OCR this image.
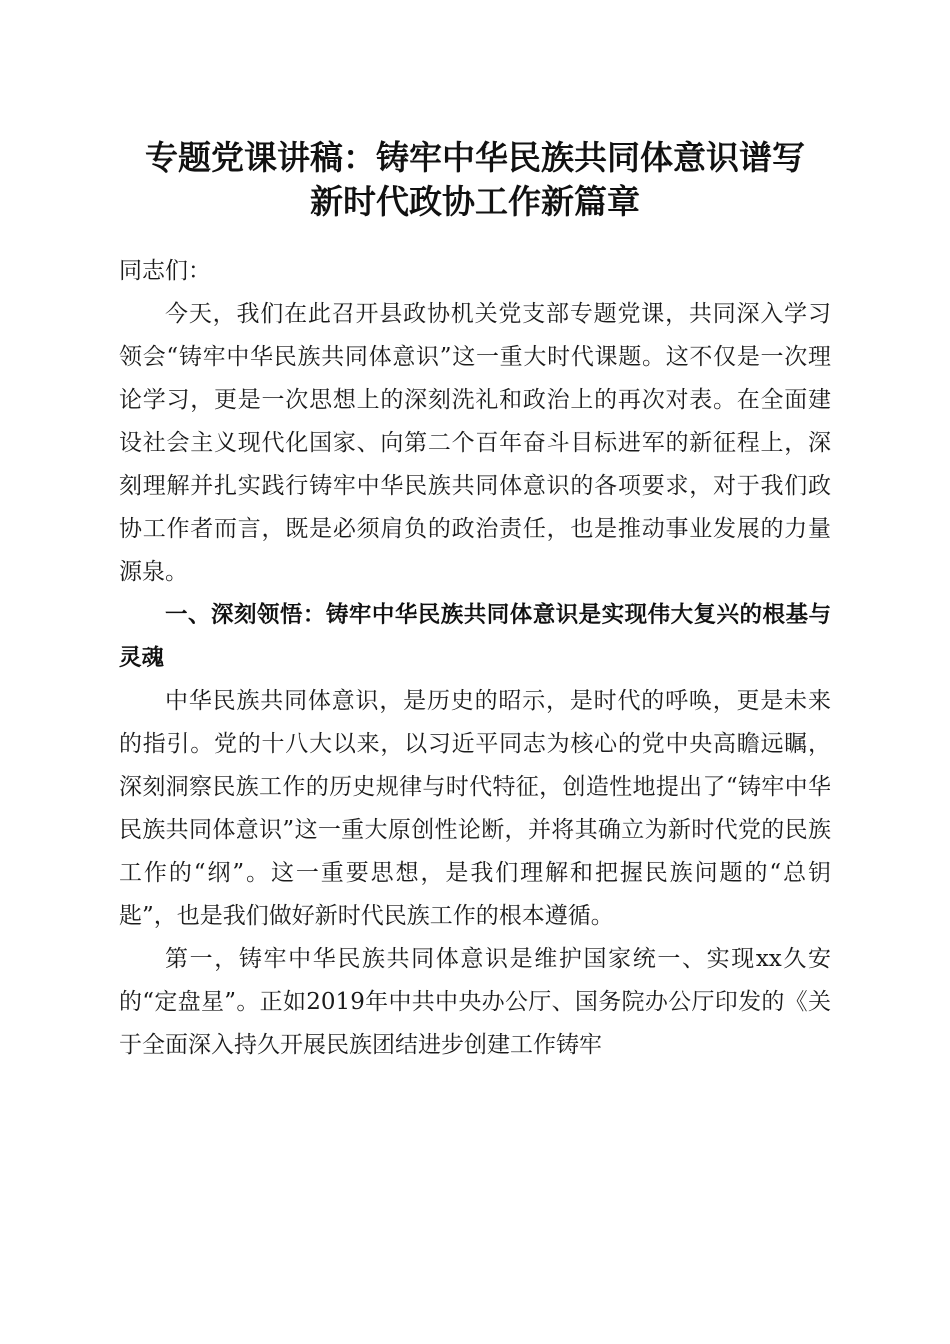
专题党课讲稿：铸牢中华民族共同体意识谱写
新时代政协工作新篇章

同志们：

今天，我们在此召开县政协机关党支部专题党课，共同深入学习领会“铸牢中华民族共同体意识”这一重大时代课题。这不仅是一次理论学习，更是一次思想上的深刻洗礼和政治上的再次对表。在全面建设社会主义现代化国家、向第二个百年奋斗目标进军的新征程上，深刻理解并扎实践行铸牢中华民族共同体意识的各项要求，对于我们政协工作者而言，既是必须肩负的政治责任，也是推动事业发展的力量源泉。

一、深刻领悟：铸牢中华民族共同体意识是实现伟大复兴的根基与灵魂

中华民族共同体意识，是历史的昭示，是时代的呼唤，更是未来的指引。党的十八大以来，以习近平同志为核心的党中央高瞻远瞩，深刻洞察民族工作的历史规律与时代特征，创造性地提出了“铸牢中华民族共同体意识”这一重大原创性论断，并将其确立为新时代党的民族工作的“纲”。这一重要思想，是我们理解和把握民族问题的“总钥匙”，也是我们做好新时代民族工作的根本遵循。

第一，铸牢中华民族共同体意识是维护国家统一、实现xx久安的“定盘星”。正如2019年中共中央办公厅、国务院办公厅印发的《关于全面深入持久开展民族团结进步创建工作铸牢
